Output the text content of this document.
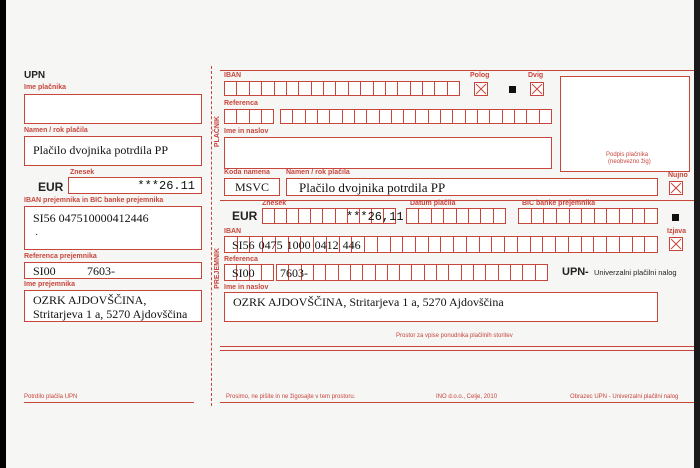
UPN
Ime plačnika
Namen / rok plačila
Plačilo dvojnika potrdila PP
Znesek
EUR	***26.11
IBAN prejemnika in BIC banke prejemnika
SI56 047510000412446
·
Referenca prejemnika
SI00	7603-
Ime prejemnika
OZRK AJDOVŠČINA,
Stritarjeva 1 a, 5270 Ajdovščina
Potrdilo plačila UPN
PLAČNIK
IBAN	Polog	Dvig
Referenca
Ime in naslov
Podpis plačnika
(neobvezno žig)
Koda namena
MSVC
Namen / rok plačila
Plačilo dvojnika potrdila PP
Nujno
PREJEMNIK
EUR
Znesek
***26,11
Datum plačila	BIC banke prejemnika
IBAN
SI56 0475 1000 0412 446
Izjava
Referenca
SI00 7603-	UPN - Univerzalni plačilni nalog
Ime in naslov
OZRK AJDOVŠČINA, Stritarjeva 1 a, 5270 Ajdovščina
Prostor za vpise ponudnika plačilnih storitev
Prosimo, ne pišite in ne žigosajte v tem prostoru.	INO d.o.o., Celje, 2010	Obrazec UPN - Univerzalni plačilni nalog
